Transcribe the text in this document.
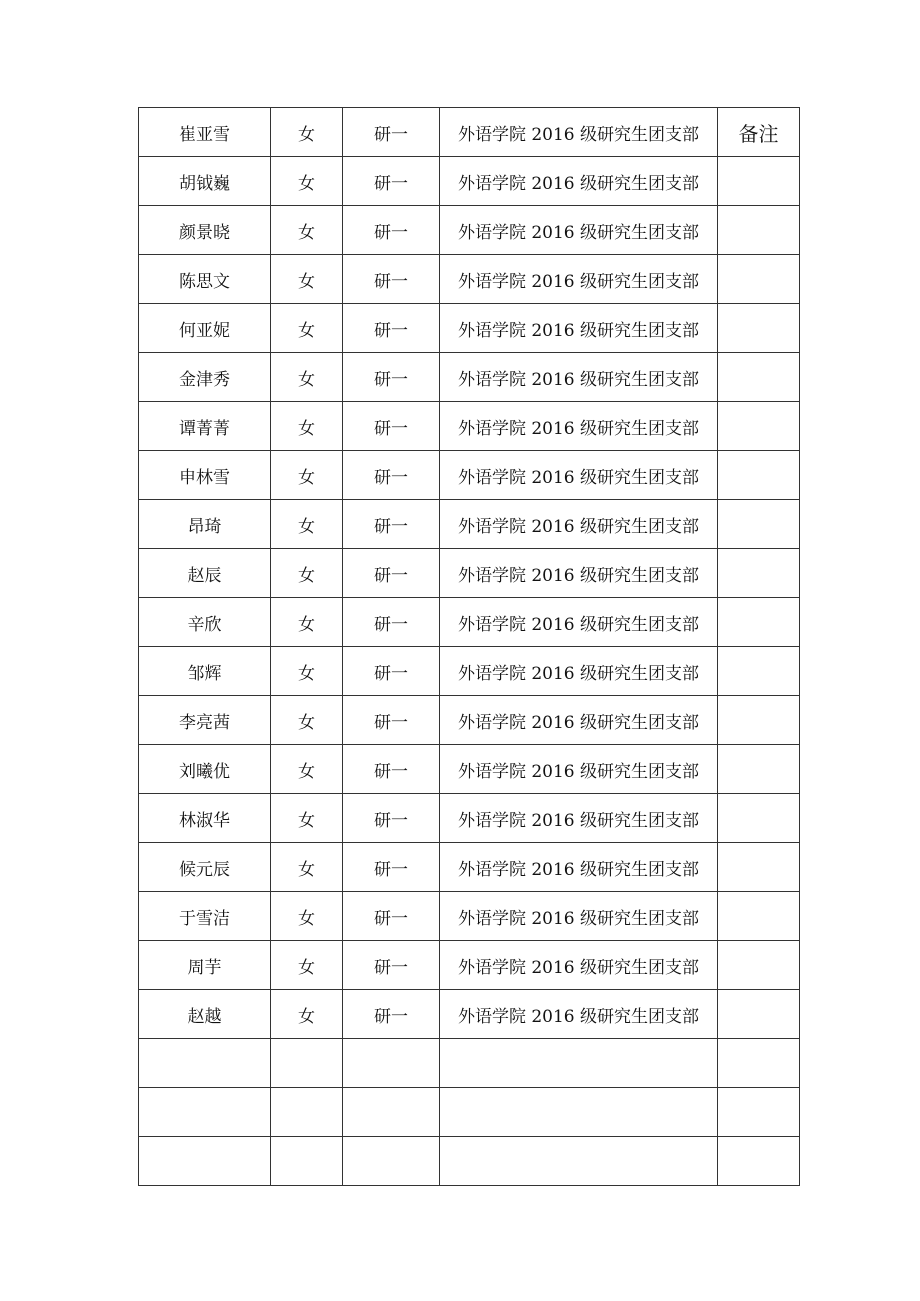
崔亚雪	女	研一	外语学院 2016 级研究生团支部	备注
胡钺巍	女	研一	外语学院 2016 级研究生团支部	
颜景晓	女	研一	外语学院 2016 级研究生团支部	
陈思文	女	研一	外语学院 2016 级研究生团支部	
何亚妮	女	研一	外语学院 2016 级研究生团支部	
金津秀	女	研一	外语学院 2016 级研究生团支部	
谭菁菁	女	研一	外语学院 2016 级研究生团支部	
申林雪	女	研一	外语学院 2016 级研究生团支部	
昂琦	女	研一	外语学院 2016 级研究生团支部	
赵辰	女	研一	外语学院 2016 级研究生团支部	
辛欣	女	研一	外语学院 2016 级研究生团支部	
邹辉	女	研一	外语学院 2016 级研究生团支部	
李亮茜	女	研一	外语学院 2016 级研究生团支部	
刘曦优	女	研一	外语学院 2016 级研究生团支部	
林淑华	女	研一	外语学院 2016 级研究生团支部	
候元辰	女	研一	外语学院 2016 级研究生团支部	
于雪洁	女	研一	外语学院 2016 级研究生团支部	
周芋	女	研一	外语学院 2016 级研究生团支部	
赵越	女	研一	外语学院 2016 级研究生团支部	
